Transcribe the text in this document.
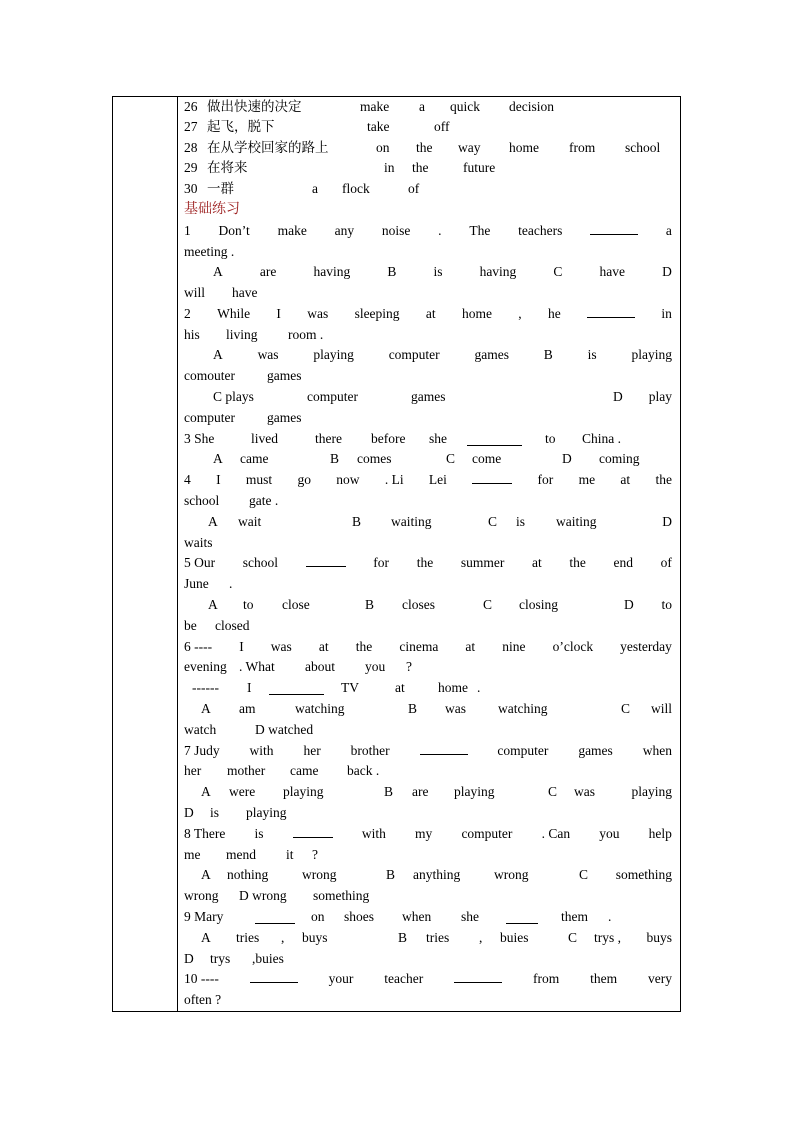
26 做出快速的决定	make a quick decision
27 起飞，脱下	take	off
28 在从学校回家的路上	on the way home from school
29 在将来	in the	future
30 一群	a flock	of
基础练习
1 Don’t make any noise . The teachers	a
meeting .
A	are	having	B	is	having	C	have	D
will have
2 While I was sleeping at home , he	in
his living room .
A	was	playing	computer	games	B	is	playing
comouter games
C plays	computer	games	D play
computer games
3 She	lived	there before she	to China .
A came	B comes	C come	D coming
4 I must go now . Li Lei	for me at the
school gate .
A wait	B waiting	C is waiting	D
waits
5 Our school	for the summer at the end of
June .
A to close	B closes	C closing	D to
be closed
6 ---- I was at the cinema at nine o’clock yesterday
evening . What about you ?
------ I	TV	at home .
A am	watching	B was watching	C will
watch	D watched
7 Judy with her brother	computer games when
her mother came back .
A were playing	B are playing	C was	playing
D is playing
8 There is	with my computer . Can you help
me mend it ?
A nothing wrong	B anything	wrong	C something
wrong D wrong something
9 Mary	on shoes when she	them .
A tries , buys	B tries , buies	C trys , buys
D trys ,buies
10 ----	your teacher	from them very
often ?
